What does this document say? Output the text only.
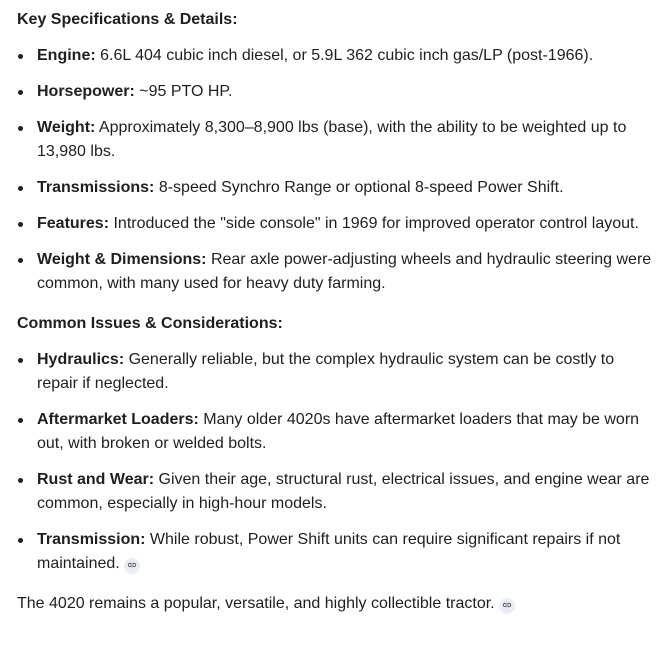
Key Specifications & Details:

Engine: 6.6L 404 cubic inch diesel, or 5.9L 362 cubic inch gas/LP (post-1966).
Horsepower: ~95 PTO HP.
Weight: Approximately 8,300–8,900 lbs (base), with the ability to be weighted up to 13,980 lbs.
Transmissions: 8-speed Synchro Range or optional 8-speed Power Shift.
Features: Introduced the "side console" in 1969 for improved operator control layout.
Weight & Dimensions: Rear axle power-adjusting wheels and hydraulic steering were common, with many used for heavy duty farming.

Common Issues & Considerations:

Hydraulics: Generally reliable, but the complex hydraulic system can be costly to repair if neglected.
Aftermarket Loaders: Many older 4020s have aftermarket loaders that may be worn out, with broken or welded bolts.
Rust and Wear: Given their age, structural rust, electrical issues, and engine wear are common, especially in high-hour models.
Transmission: While robust, Power Shift units can require significant repairs if not maintained.

The 4020 remains a popular, versatile, and highly collectible tractor.
